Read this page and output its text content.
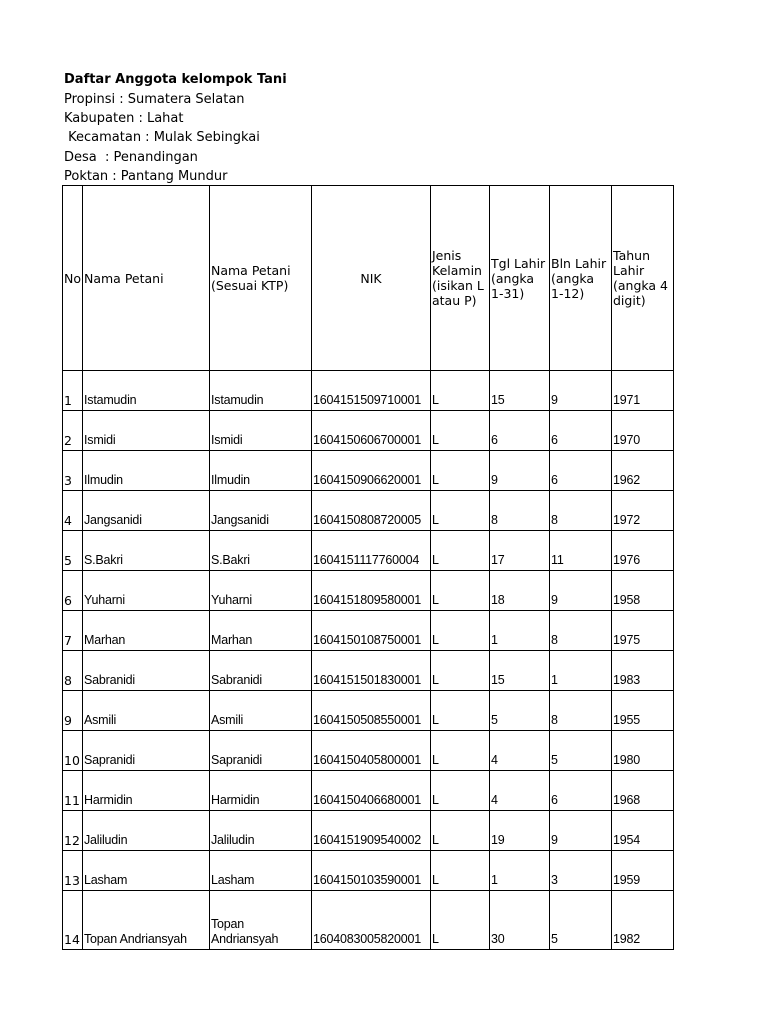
Daftar Anggota kelompok Tani
Propinsi : Sumatera Selatan
Kabupaten : Lahat
Kecamatan : Mulak Sebingkai
Desa  : Penandingan
Poktan : Pantang Mundur
No	Nama Petani	Nama Petani (Sesuai KTP)	NIK	Jenis Kelamin (isikan L atau P)	Tgl Lahir (angka 1-31)	Bln Lahir (angka 1-12)	Tahun Lahir (angka 4 digit)
1	Istamudin	Istamudin	1604151509710001	L	15	9	1971
2	Ismidi	Ismidi	1604150606700001	L	6	6	1970
3	Ilmudin	Ilmudin	1604150906620001	L	9	6	1962
4	Jangsanidi	Jangsanidi	1604150808720005	L	8	8	1972
5	S.Bakri	S.Bakri	1604151117760004	L	17	11	1976
6	Yuharni	Yuharni	1604151809580001	L	18	9	1958
7	Marhan	Marhan	1604150108750001	L	1	8	1975
8	Sabranidi	Sabranidi	1604151501830001	L	15	1	1983
9	Asmili	Asmili	1604150508550001	L	5	8	1955
10	Sapranidi	Sapranidi	1604150405800001	L	4	5	1980
11	Harmidin	Harmidin	1604150406680001	L	4	6	1968
12	Jaliludin	Jaliludin	1604151909540002	L	19	9	1954
13	Lasham	Lasham	1604150103590001	L	1	3	1959
14	Topan Andriansyah	Topan Andriansyah	1604083005820001	L	30	5	1982
